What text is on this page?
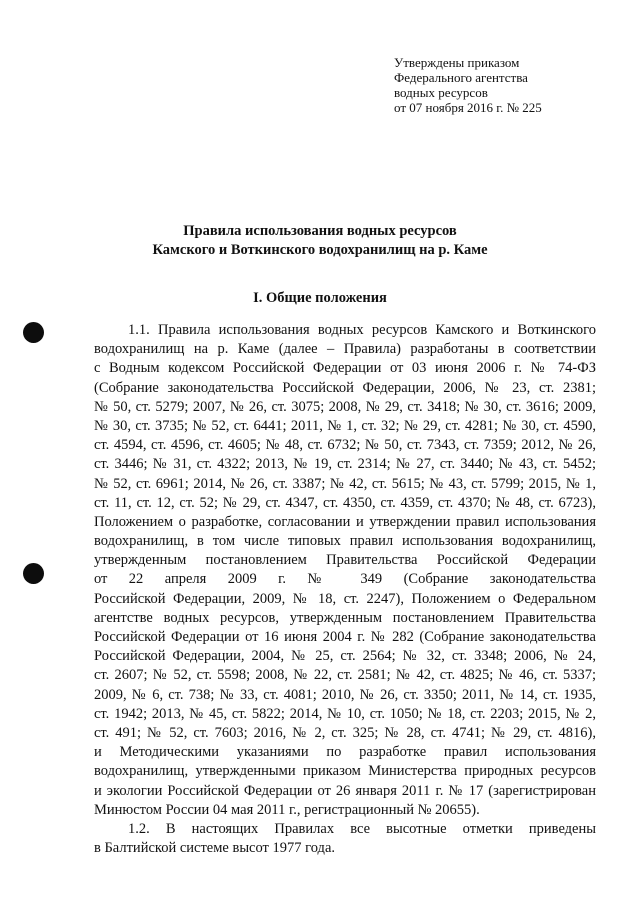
Утверждены приказом
Федерального агентства
водных ресурсов
от 07 ноября 2016 г. № 225
Правила использования водных ресурсов
Камского и Воткинского водохранилищ на р. Каме
I. Общие положения
1.1. Правила использования водных ресурсов Камского и Воткинского
водохранилищ на р. Каме (далее – Правила) разработаны в соответствии
с Водным кодексом Российской Федерации от 03 июня 2006 г. № 74-ФЗ
(Собрание законодательства Российской Федерации, 2006, № 23, ст. 2381;
№ 50, ст. 5279; 2007, № 26, ст. 3075; 2008, № 29, ст. 3418; № 30, ст. 3616; 2009,
№ 30, ст. 3735; № 52, ст. 6441; 2011, № 1, ст. 32; № 29, ст. 4281; № 30, ст. 4590,
ст. 4594, ст. 4596, ст. 4605; № 48, ст. 6732; № 50, ст. 7343, ст. 7359; 2012, № 26,
ст. 3446; № 31, ст. 4322; 2013, № 19, ст. 2314; № 27, ст. 3440; № 43, ст. 5452;
№ 52, ст. 6961; 2014, № 26, ст. 3387; № 42, ст. 5615; № 43, ст. 5799; 2015, № 1,
ст. 11, ст. 12, ст. 52; № 29, ст. 4347, ст. 4350, ст. 4359, ст. 4370; № 48, ст. 6723),
Положением о разработке, согласовании и утверждении правил использования
водохранилищ, в том числе типовых правил использования водохранилищ,
утвержденным постановлением Правительства Российской Федерации
от 22 апреля 2009 г. № 349 (Собрание законодательства
Российской Федерации, 2009, № 18, ст. 2247), Положением о Федеральном
агентстве водных ресурсов, утвержденным постановлением Правительства
Российской Федерации от 16 июня 2004 г. № 282 (Собрание законодательства
Российской Федерации, 2004, № 25, ст. 2564; № 32, ст. 3348; 2006, № 24,
ст. 2607; № 52, ст. 5598; 2008, № 22, ст. 2581; № 42, ст. 4825; № 46, ст. 5337;
2009, № 6, ст. 738; № 33, ст. 4081; 2010, № 26, ст. 3350; 2011, № 14, ст. 1935,
ст. 1942; 2013, № 45, ст. 5822; 2014, № 10, ст. 1050; № 18, ст. 2203; 2015, № 2,
ст. 491; № 52, ст. 7603; 2016, № 2, ст. 325; № 28, ст. 4741; № 29, ст. 4816),
и Методическими указаниями по разработке правил использования
водохранилищ, утвержденными приказом Министерства природных ресурсов
и экологии Российской Федерации от 26 января 2011 г. № 17 (зарегистрирован
Минюстом России 04 мая 2011 г., регистрационный № 20655).
1.2. В настоящих Правилах все высотные отметки приведены
в Балтийской системе высот 1977 года.
